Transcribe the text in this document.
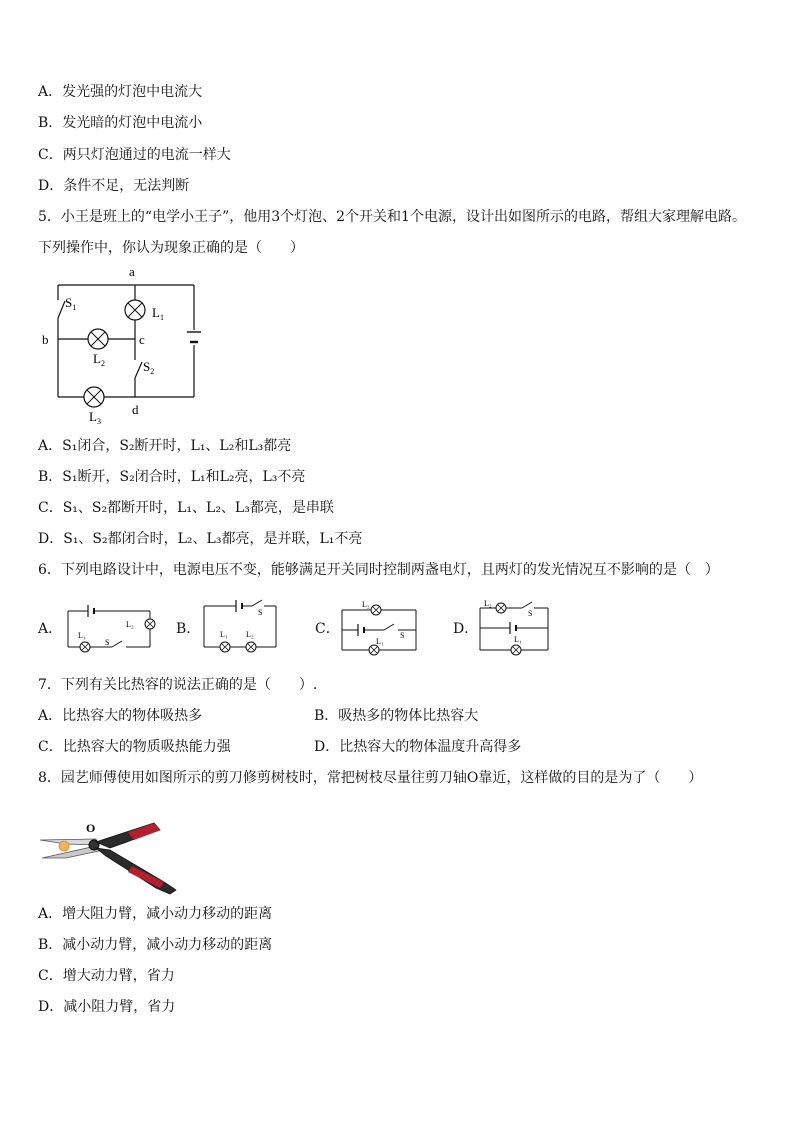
A．发光强的灯泡中电流大
B．发光暗的灯泡中电流小
C．两只灯泡通过的电流一样大
D．条件不足，无法判断
5．小王是班上的“电学小王子”，他用3个灯泡、2个开关和1个电源，设计出如图所示的电路，帮组大家理解电路。
下列操作中，你认为现象正确的是（　　）
a
b	c
d
$S_1$
$S_2$
$L_1$
$L_2$
$L_3$
A．S₁闭合，S₂断开时，L₁、L₂和L₃都亮
B．S₁断开，S₂闭合时，L₁和L₂亮，L₃不亮
C．S₁、S₂都断开时，L₁、L₂、L₃都亮，是串联
D．S₁、S₂都闭合时，L₂、L₃都亮，是并联，L₁不亮
6．下列电路设计中，电源电压不变，能够满足开关同时控制两盏电灯，且两灯的发光情况互不影响的是（　）
A．	B．	C．	D．
L₁
L₂
S
L₁ L₂
S
L₂
L₁
S
L₂
L₁
S
7．下列有关比热容的说法正确的是（　　）.
A．比热容大的物体吸热多	B．吸热多的物体比热容大
C．比热容大的物质吸热能力强	D．比热容大的物体温度升高得多
8．园艺师傅使用如图所示的剪刀修剪树枝时，常把树枝尽量往剪刀轴O靠近，这样做的目的是为了（　　）
O
A．增大阻力臂，减小动力移动的距离
B．减小动力臂，减小动力移动的距离
C．增大动力臂，省力
D．减小阻力臂，省力
